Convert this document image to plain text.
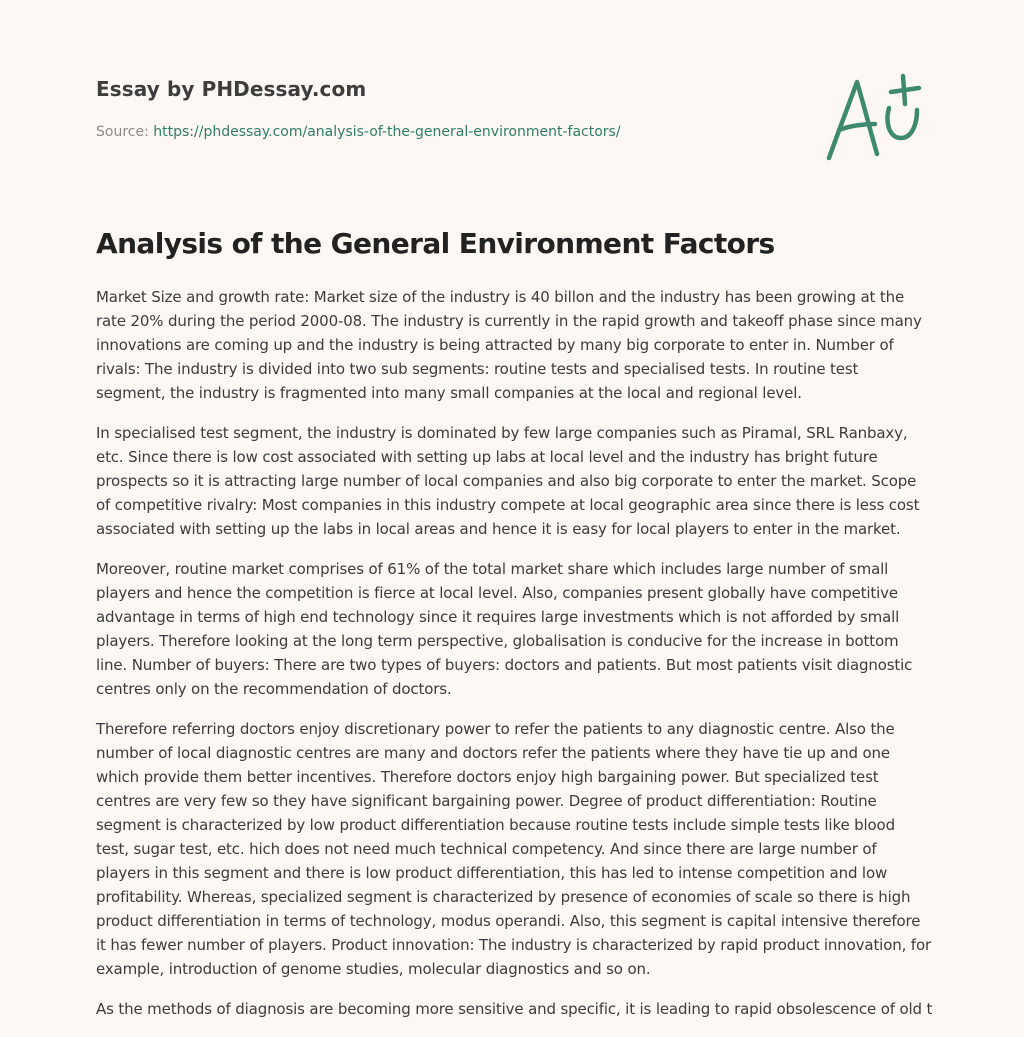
Essay by PHDessay.com
Source: https://phdessay.com/analysis-of-the-general-environment-factors/
Analysis of the General Environment Factors

Market Size and growth rate: Market size of the industry is 40 billon and the industry has been growing at the rate 20% during the period 2000-08. The industry is currently in the rapid growth and takeoff phase since many innovations are coming up and the industry is being attracted by many big corporate to enter in. Number of rivals: The industry is divided into two sub segments: routine tests and specialised tests. In routine test segment, the industry is fragmented into many small companies at the local and regional level.

In specialised test segment, the industry is dominated by few large companies such as Piramal, SRL Ranbaxy, etc. Since there is low cost associated with setting up labs at local level and the industry has bright future prospects so it is attracting large number of local companies and also big corporate to enter the market. Scope of competitive rivalry: Most companies in this industry compete at local geographic area since there is less cost associated with setting up the labs in local areas and hence it is easy for local players to enter in the market.

Moreover, routine market comprises of 61% of the total market share which includes large number of small players and hence the competition is fierce at local level. Also, companies present globally have competitive advantage in terms of high end technology since it requires large investments which is not afforded by small players. Therefore looking at the long term perspective, globalisation is conducive for the increase in bottom line. Number of buyers: There are two types of buyers: doctors and patients. But most patients visit diagnostic centres only on the recommendation of doctors.

Therefore referring doctors enjoy discretionary power to refer the patients to any diagnostic centre. Also the number of local diagnostic centres are many and doctors refer the patients where they have tie up and one which provide them better incentives. Therefore doctors enjoy high bargaining power. But specialized test centres are very few so they have significant bargaining power. Degree of product differentiation: Routine segment is characterized by low product differentiation because routine tests include simple tests like blood test, sugar test, etc. hich does not need much technical competency. And since there are large number of players in this segment and there is low product differentiation, this has led to intense competition and low profitability. Whereas, specialized segment is characterized by presence of economies of scale so there is high product differentiation in terms of technology, modus operandi. Also, this segment is capital intensive therefore it has fewer number of players. Product innovation: The industry is characterized by rapid product innovation, for example, introduction of genome studies, molecular diagnostics and so on.

As the methods of diagnosis are becoming more sensitive and specific, it is leading to rapid obsolescence of old t
